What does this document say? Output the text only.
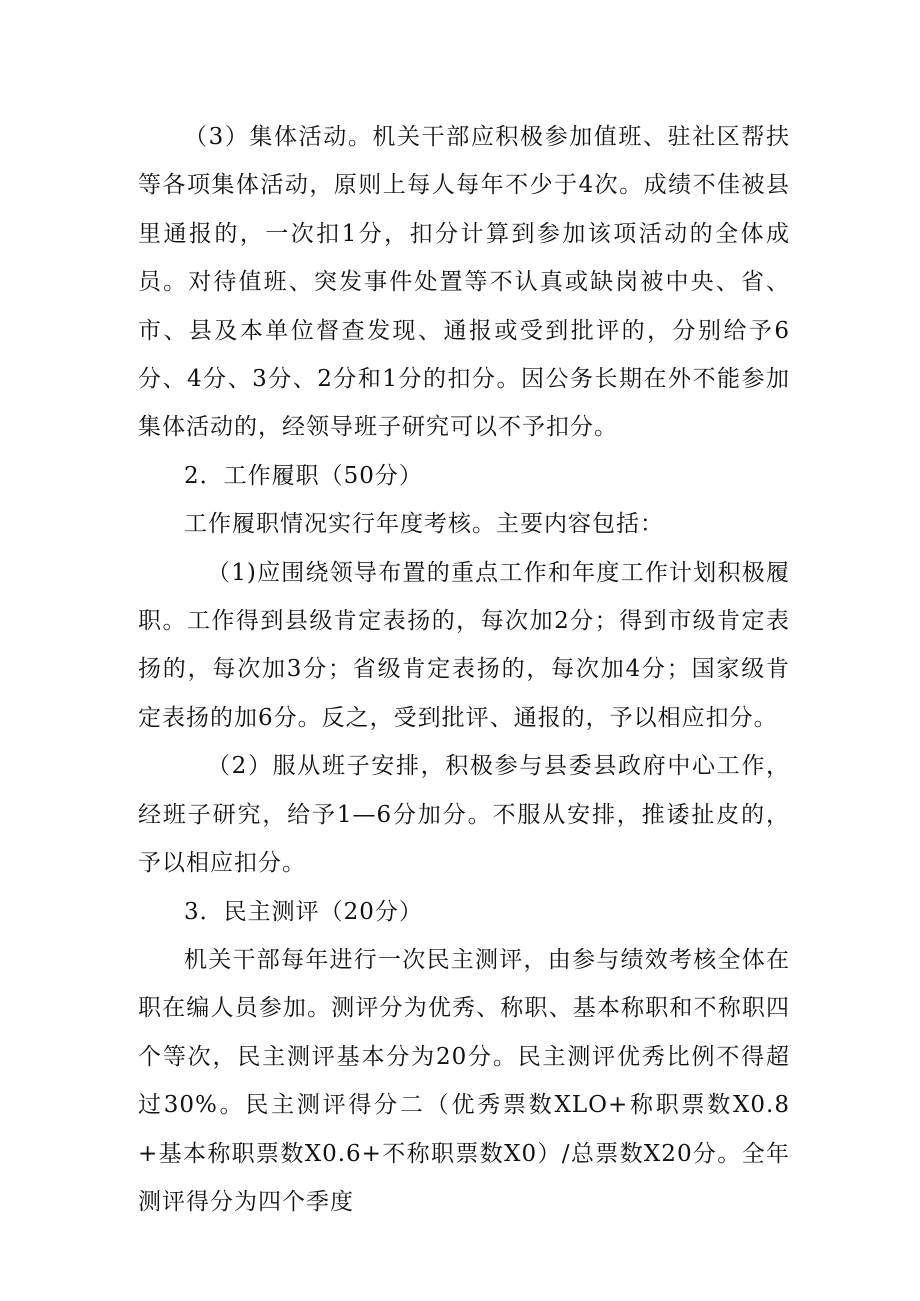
（3）集体活动。机关干部应积极参加值班、驻社区帮扶等各项集体活动，原则上每人每年不少于4次。成绩不佳被县里通报的，一次扣1分，扣分计算到参加该项活动的全体成员。对待值班、突发事件处置等不认真或缺岗被中央、省、市、县及本单位督查发现、通报或受到批评的，分别给予6分、4分、3分、2分和1分的扣分。因公务长期在外不能参加集体活动的，经领导班子研究可以不予扣分。

2．工作履职（50分）

工作履职情况实行年度考核。主要内容包括：

（1)应围绕领导布置的重点工作和年度工作计划积极履职。工作得到县级肯定表扬的，每次加2分；得到市级肯定表扬的，每次加3分；省级肯定表扬的，每次加4分；国家级肯定表扬的加6分。反之，受到批评、通报的，予以相应扣分。

（2）服从班子安排，积极参与县委县政府中心工作，经班子研究，给予1—6分加分。不服从安排，推诿扯皮的，予以相应扣分。

3．民主测评（20分）

机关干部每年进行一次民主测评，由参与绩效考核全体在职在编人员参加。测评分为优秀、称职、基本称职和不称职四个等次，民主测评基本分为20分。民主测评优秀比例不得超过30%。民主测评得分二（优秀票数XLO+称职票数X0.8+基本称职票数X0.6+不称职票数X0）/总票数X20分。全年测评得分为四个季度
